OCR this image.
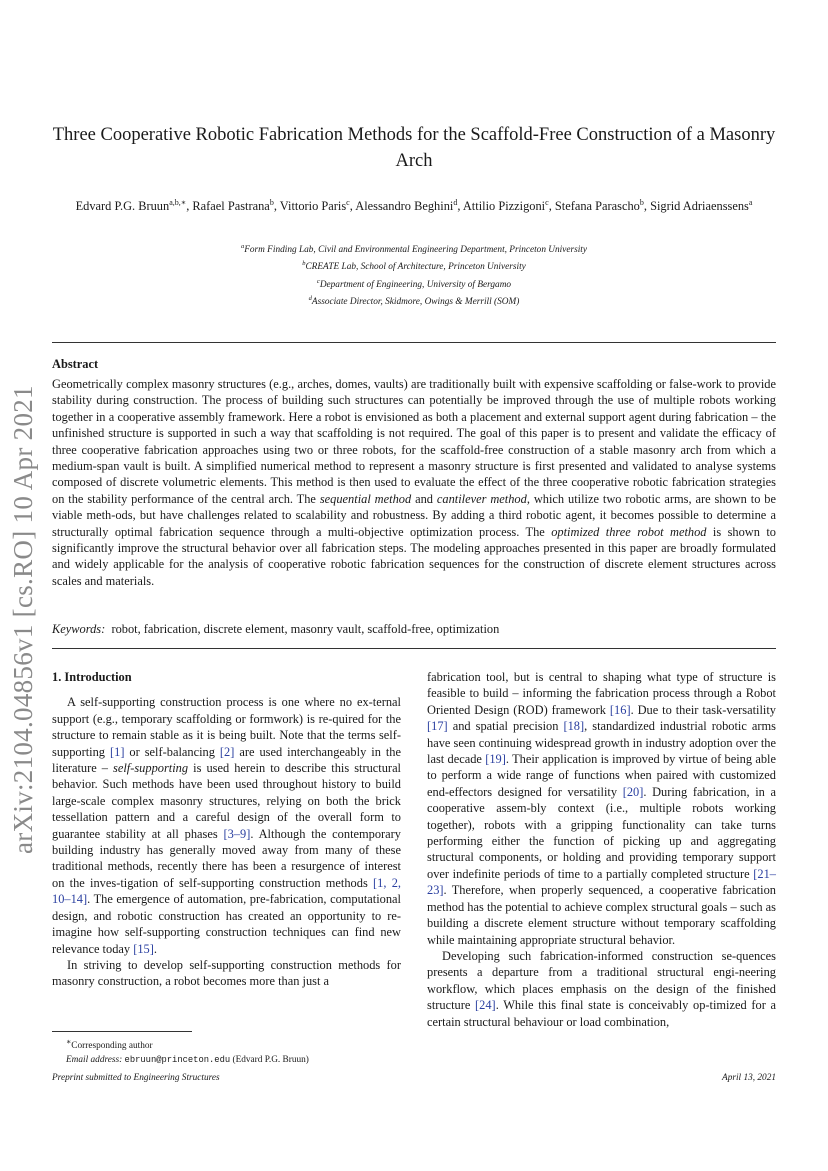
arXiv:2104.04856v1 [cs.RO] 10 Apr 2021
Three Cooperative Robotic Fabrication Methods for the Scaffold-Free Construction of a Masonry Arch
Edvard P.G. Bruun$^{a,b,∗}$, Rafael Pastrana$^b$, Vittorio Paris$^c$, Alessandro Beghini$^d$, Attilio Pizzigoni$^c$, Stefana Parascho$^b$, Sigrid Adriaenssens$^a$
$^a$Form Finding Lab, Civil and Environmental Engineering Department, Princeton University
$^b$CREATE Lab, School of Architecture, Princeton University
$^c$Department of Engineering, University of Bergamo
$^d$Associate Director, Skidmore, Owings & Merrill (SOM)
Abstract

Geometrically complex masonry structures (e.g., arches, domes, vaults) are traditionally built with expensive scaffolding or false-work to provide stability during construction. The process of building such structures can potentially be improved through the use of multiple robots working together in a cooperative assembly framework. Here a robot is envisioned as both a placement and external support agent during fabrication – the unfinished structure is supported in such a way that scaffolding is not required. The goal of this paper is to present and validate the efficacy of three cooperative fabrication approaches using two or three robots, for the scaffold-free construction of a stable masonry arch from which a medium-span vault is built. A simplified numerical method to represent a masonry structure is first presented and validated to analyse systems composed of discrete volumetric elements. This method is then used to evaluate the effect of the three cooperative robotic fabrication strategies on the stability performance of the central arch. The sequential method and cantilever method, which utilize two robotic arms, are shown to be viable meth-ods, but have challenges related to scalability and robustness. By adding a third robotic agent, it becomes possible to determine a structurally optimal fabrication sequence through a multi-objective optimization process. The optimized three robot method is shown to significantly improve the structural behavior over all fabrication steps. The modeling approaches presented in this paper are broadly formulated and widely applicable for the analysis of cooperative robotic fabrication sequences for the construction of discrete element structures across scales and materials.

Keywords: robot, fabrication, discrete element, masonry vault, scaffold-free, optimization
1. Introduction

A self-supporting construction process is one where no ex-ternal support (e.g., temporary scaffolding or formwork) is re-quired for the structure to remain stable as it is being built. Note that the terms self-supporting [1] or self-balancing [2] are used interchangeably in the literature – self-supporting is used herein to describe this structural behavior. Such methods have been used throughout history to build large-scale complex masonry structures, relying on both the brick tessellation pattern and a careful design of the overall form to guarantee stability at all phases [3–9]. Although the contemporary building industry has generally moved away from many of these traditional methods, recently there has been a resurgence of interest on the inves-tigation of self-supporting construction methods [1, 2, 10–14]. The emergence of automation, pre-fabrication, computational design, and robotic construction has created an opportunity to re-imagine how self-supporting construction techniques can find new relevance today [15].

In striving to develop self-supporting construction methods for masonry construction, a robot becomes more than just a

fabrication tool, but is central to shaping what type of structure is feasible to build – informing the fabrication process through a Robot Oriented Design (ROD) framework [16]. Due to their task-versatility [17] and spatial precision [18], standardized industrial robotic arms have seen continuing widespread growth in industry adoption over the last decade [19]. Their application is improved by virtue of being able to perform a wide range of functions when paired with customized end-effectors designed for versatility [20]. During fabrication, in a cooperative assem-bly context (i.e., multiple robots working together), robots with a gripping functionality can take turns performing either the function of picking up and aggregating structural components, or holding and providing temporary support over indefinite periods of time to a partially completed structure [21–23]. Therefore, when properly sequenced, a cooperative fabrication method has the potential to achieve complex structural goals – such as building a discrete element structure without temporary scaffolding while maintaining appropriate structural behavior.

Developing such fabrication-informed construction se-quences presents a departure from a traditional structural engi-neering workflow, which places emphasis on the design of the finished structure [24]. While this final state is conceivably op-timized for a certain structural behaviour or load combination,

∗Corresponding author
Email address: ebruun@princeton.edu (Edvard P.G. Bruun)
Preprint submitted to Engineering Structures	April 13, 2021
